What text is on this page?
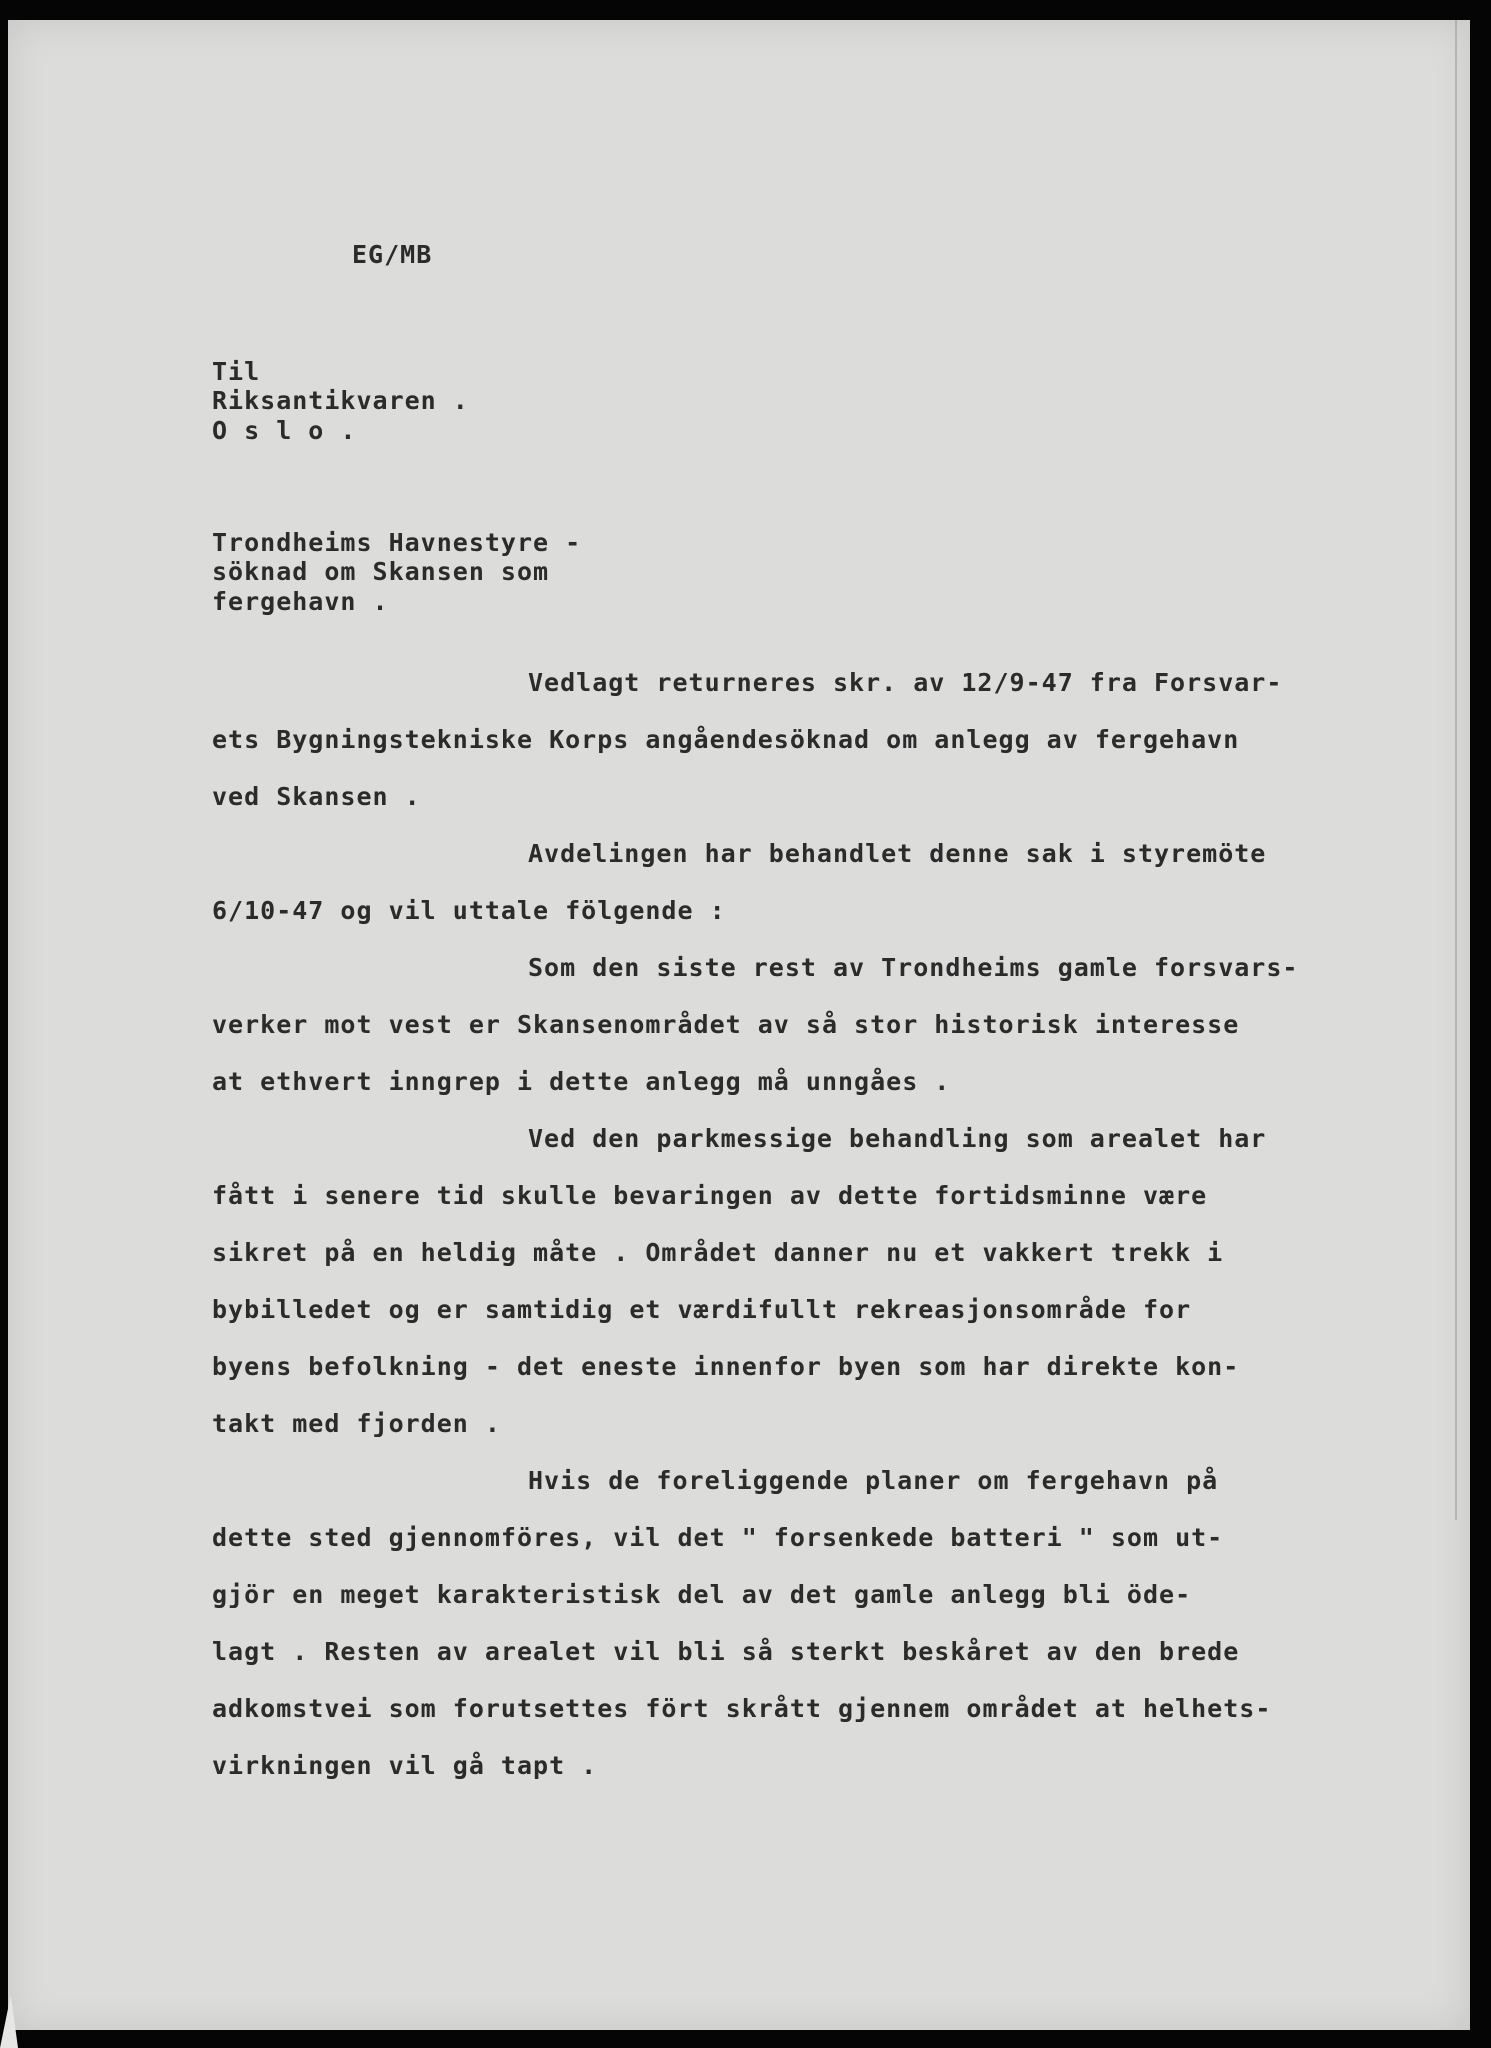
EG/MB
Til
Riksantikvaren .
O s l o .
Trondheims Havnestyre -
söknad om Skansen som
fergehavn .
Vedlagt returneres skr. av 12/9-47 fra Forsvar-
ets Bygningstekniske Korps angåendesöknad om anlegg av fergehavn
ved Skansen .
Avdelingen har behandlet denne sak i styremöte
6/10-47 og vil uttale fölgende :
Som den siste rest av Trondheims gamle forsvars-
verker mot vest er Skansenområdet av så stor historisk interesse
at ethvert inngrep i dette anlegg må unngåes .
Ved den parkmessige behandling som arealet har
fått i senere tid skulle bevaringen av dette fortidsminne være
sikret på en heldig måte . Området danner nu et vakkert trekk i
bybilledet og er samtidig et værdifullt rekreasjonsområde for
byens befolkning - det eneste innenfor byen som har direkte kon-
takt med fjorden .
Hvis de foreliggende planer om fergehavn på
dette sted gjennomföres, vil det " forsenkede batteri " som ut-
gjör en meget karakteristisk del av det gamle anlegg bli öde-
lagt . Resten av arealet vil bli så sterkt beskåret av den brede
adkomstvei som forutsettes fört skrått gjennem området at helhets-
virkningen vil gå tapt .
